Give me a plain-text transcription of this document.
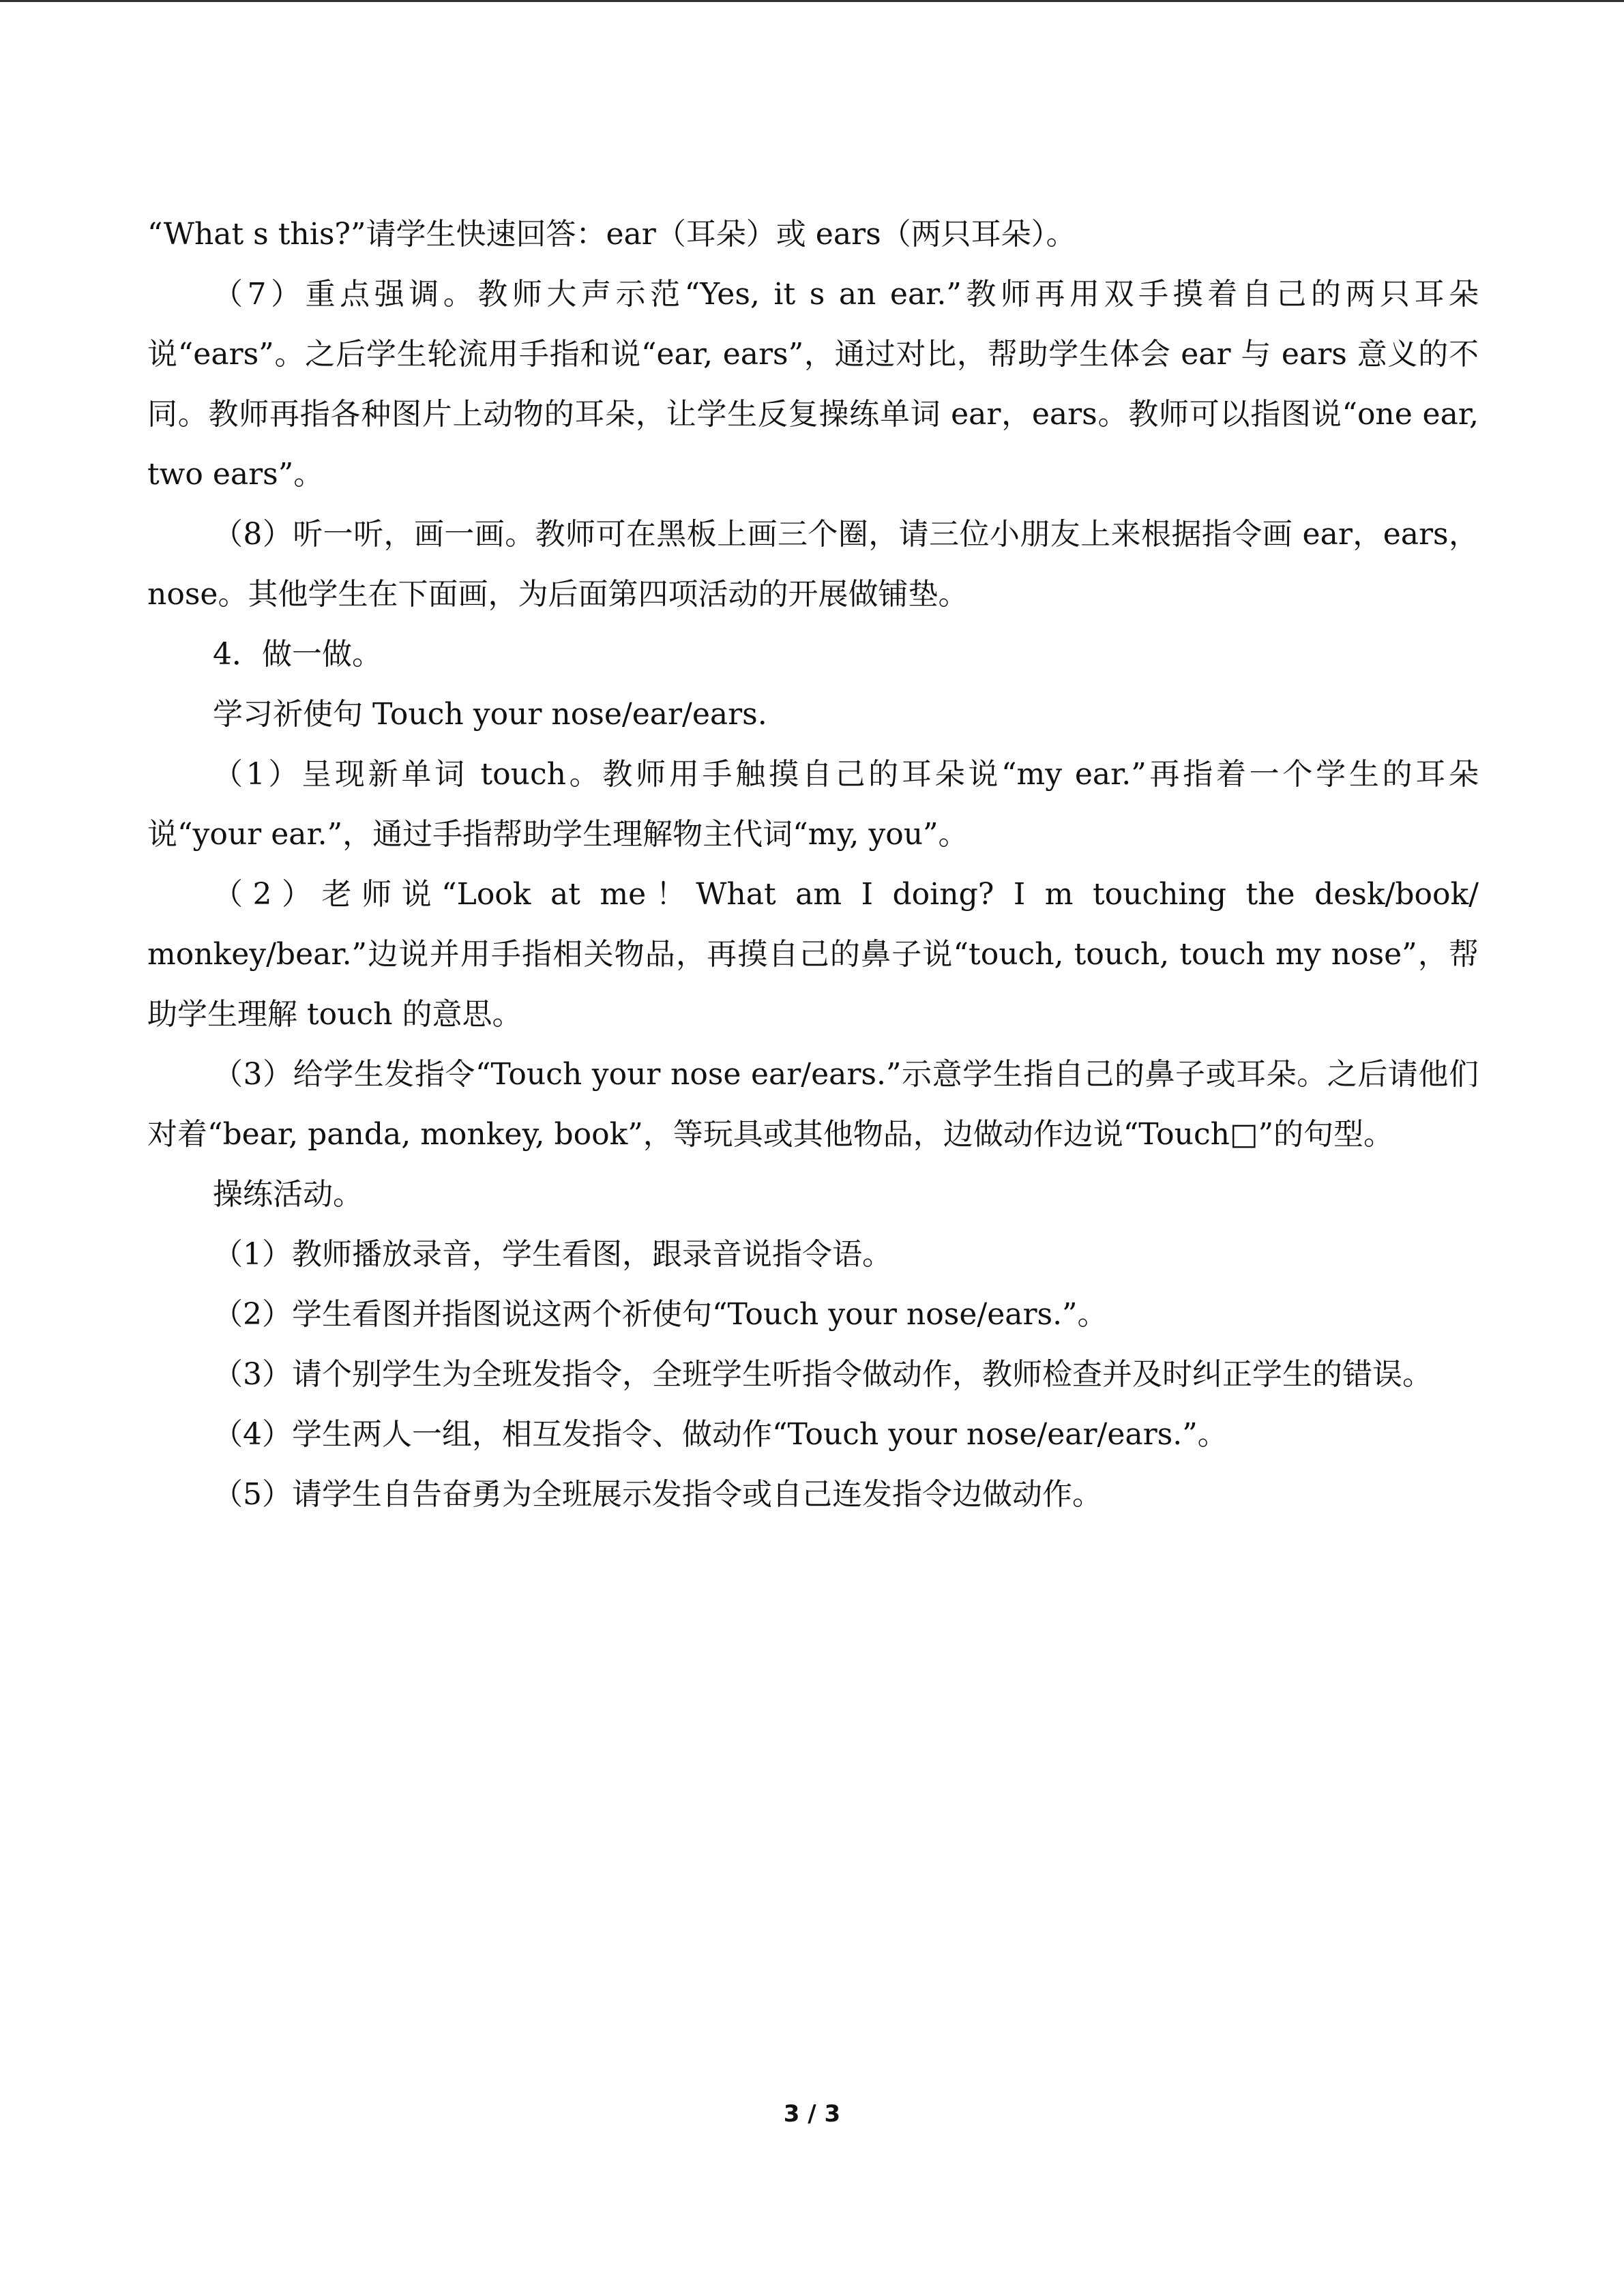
“What s this?”请学生快速回答：ear（耳朵）或 ears（两只耳朵）。

（7）重点强调。教师大声示范“Yes, it s an ear.”教师再用双手摸着自己的两只耳朵说“ears”。之后学生轮流用手指和说“ear, ears”，通过对比，帮助学生体会 ear 与 ears 意义的不同。教师再指各种图片上动物的耳朵，让学生反复操练单词 ear，ears。教师可以指图说“one ear, two ears”。

（8）听一听，画一画。教师可在黑板上画三个圈，请三位小朋友上来根据指令画 ear，ears，nose。其他学生在下面画，为后面第四项活动的开展做铺垫。

4．做一做。

学习祈使句 Touch your nose/ear/ears.

（1）呈现新单词 touch。教师用手触摸自己的耳朵说“my ear.”再指着一个学生的耳朵说“your ear.”，通过手指帮助学生理解物主代词“my, you”。

（2）老师说“Look at me！What am I doing? I m touching the desk/book/ monkey/bear.”边说并用手指相关物品，再摸自己的鼻子说“touch, touch, touch my nose”，帮助学生理解 touch 的意思。

（3）给学生发指令“Touch your nose ear/ears.”示意学生指自己的鼻子或耳朵。之后请他们对着“bear, panda, monkey, book”，等玩具或其他物品，边做动作边说“Touch□”的句型。

操练活动。

（1）教师播放录音，学生看图，跟录音说指令语。

（2）学生看图并指图说这两个祈使句“Touch your nose/ears.”。

（3）请个别学生为全班发指令，全班学生听指令做动作，教师检查并及时纠正学生的错误。

（4）学生两人一组，相互发指令、做动作“Touch your nose/ear/ears.”。

（5）请学生自告奋勇为全班展示发指令或自己连发指令边做动作。

3 / 3
